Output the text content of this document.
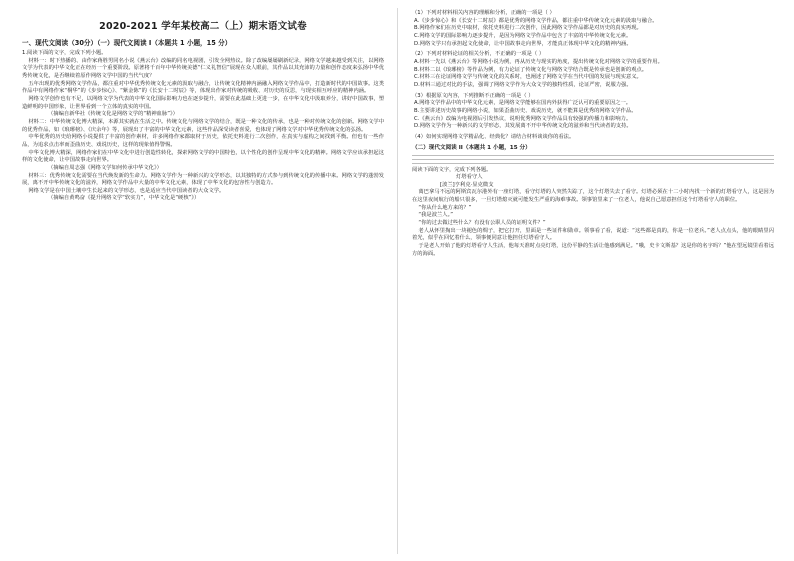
2020-2021 学年某校高二（上）期末语文试卷
一、现代文阅读（30分）（一）现代文阅读 I（本题共 1 小题，15 分）

1.阅读下面的文字，完成下列小题。

材料一：时下热播的、由作家蒋胜男同名小说《燕云台》改编的同名电视剧，引发全网热议。除了改编屡屡刷新纪录，网络文学越来越受到关注，以网络文学为代表的中华文化正在经历一个重要阶段。原著将千百年中华传统美德“仁义礼智信”展现在众人眼前，其作品以其充沛的力量和创作态度来弘扬中华优秀传统文化，是否继续着原作网络文学中国的当代气度？

五年出现的优秀网络文学作品，都注重对中华优秀传统文化元素的汲取与融合，让传统文化精神内涵融入网络文学作品中，打造新时代的中国故事。这类作品中有网络作家“桐华”的《步步惊心》、“紫金陈”的《长安十二时辰》等，体现出作家对传统的吸收、对历史的反思，与现实相互呼应的精神内涵。

网络文学创作也有不足，以网络文学为代表的中华文化国际影响力也在逐步提升，需要在此基础上更进一步，在中华文化中汲取养分，讲好中国故事，塑造鲜明的中国形象，让世界看到一个立体的真实的中国。

（摘编自新华社《传统文化是网络文学的“精神血脉”》）

材料二：中华传统文化博大精深，本源其实就在生活之中。传统文化与网络文学的结合，既是一种文化的传承，也是一种对传统文化的创新。网络文学中的优秀作品，如《琅琊榜》、《庆余年》等，展现出了丰富的中华文化元素，这些作品深受读者喜爱，也体现了网络文学对中华优秀传统文化的弘扬。

中华优秀的历史给网络小说提供了丰富的创作素材，许多网络作家都取材于历史，依托史料进行二次创作，在真实与虚构之间找到平衡。但也有一些作品，为追求点击率而歪曲历史、戏说历史，这样的现象值得警惕。

中华文化博大精深，网络作家们在中华文化中进行创造性转化，探索网络文学的中国特色，以个性化的创作呈现中华文化的精神。网络文学应该承担起这样的文化使命，让中国故事走向世界。

（摘编自周志强《网络文学如何传承中华文化》）

材料三：优秀传统文化需要在当代焕发新的生命力。网络文学作为一种新兴的文学形态，以其独特的方式参与到传统文化的传播中来。网络文学的蓬勃发展，离不开中华传统文化的滋养，网络文学作品中大量的中华文化元素，体现了中华文化的包容性与创造力。

网络文学是在中国土壤中生长起来的文学形态，也是适应当代中国读者的大众文学。

（摘编自黄鸣奋《提升网络文学“软实力”，中华文化是“硬核”》）

（1）下列对材料相关内容的理解和分析，正确的一项是（ ）

A.《步步惊心》和《长安十二时辰》都是优秀的网络文学作品，都注重中华传统文化元素的汲取与融合。

B.网络作家们在历史中取材，依托史料进行二次创作，因此网络文学作品都是对历史的真实再现。

C.网络文学的国际影响力逐步提升，是因为网络文学作品中包含了丰富的中华传统文化元素。

D.网络文学只有承担起文化使命，让中国故事走向世界，才能真正体现中华文化的精神内涵。

（2）下列对材料论证的相关分析，不正确的一项是（ ）

A.材料一先以《燕云台》等网络小说为例，再从历史与现实的角度，提出传统文化对网络文学的重要作用。

B.材料二以《琅琊榜》等作品为例，有力论证了传统文化与网络文学结合既是传承也是创新的观点。

C.材料三在论证网络文学与传统文化的关系时，也阐述了网络文学在当代中国的发展与现实意义。

D.材料三通过对比的手法，强调了网络文学作为大众文学的独特性质，论证严密，说服力强。

（3）根据原文内容，下列推断不正确的一项是（ ）

A.网络文学作品中的中华文化元素，是网络文学能够在国内外获得广泛认可的重要原因之一。

B.主要讲述历史故事的网络小说，如果歪曲历史、戏说历史，就不能算是优秀的网络文学作品。

C.《燕云台》改编为电视剧后引发热议，说明优秀网络文学作品具有较强的传播力和影响力。

D.网络文学作为一种新兴的文学形态，其发展离不开中华传统文化的滋养和当代读者的支持。

（4）如何实现网络文学精品化、经典化？请结合材料谈谈你的看法。

（二）现代文阅读 II（本题共 1 小题，15 分）

阅读下面的文字，完成下列各题。

灯塔看守人

[波兰]亨利克·显克微支

离巴拿马不远的阿斯宾瓦尔港外有一座灯塔，看守灯塔的人突然失踪了，这个灯塔失去了看守。灯塔必须在十二小时内找一个新的灯塔看守人，这是因为在这里夜间航行的船只很多，一旦灯塔熄灭就可能发生严重的海难事故。领事馆里来了一位老人，他说自己愿意担任这个灯塔看守人的职位。

“你从什么地方来的？”

“我是波兰人。”

“你的过去做过些什么？有没有公职人员的证明文件？”

老人从怀里掏出一块褪色的绸子，把它打开，里面是一些证件和勋章。领事看了看，说道：“这些都是真的，你是一位老兵。”老人点点头，他的眼睛里闪着光，似乎在回忆着什么，领事便同意让他担任灯塔看守人。

于是老人开始了他的灯塔看守人生活，他每天准时点亮灯塔，这份平静的生活让他感到满足。“哦，史卡文斯基？这是你的名字吗？”他在望远镜里看着远方的海面。
